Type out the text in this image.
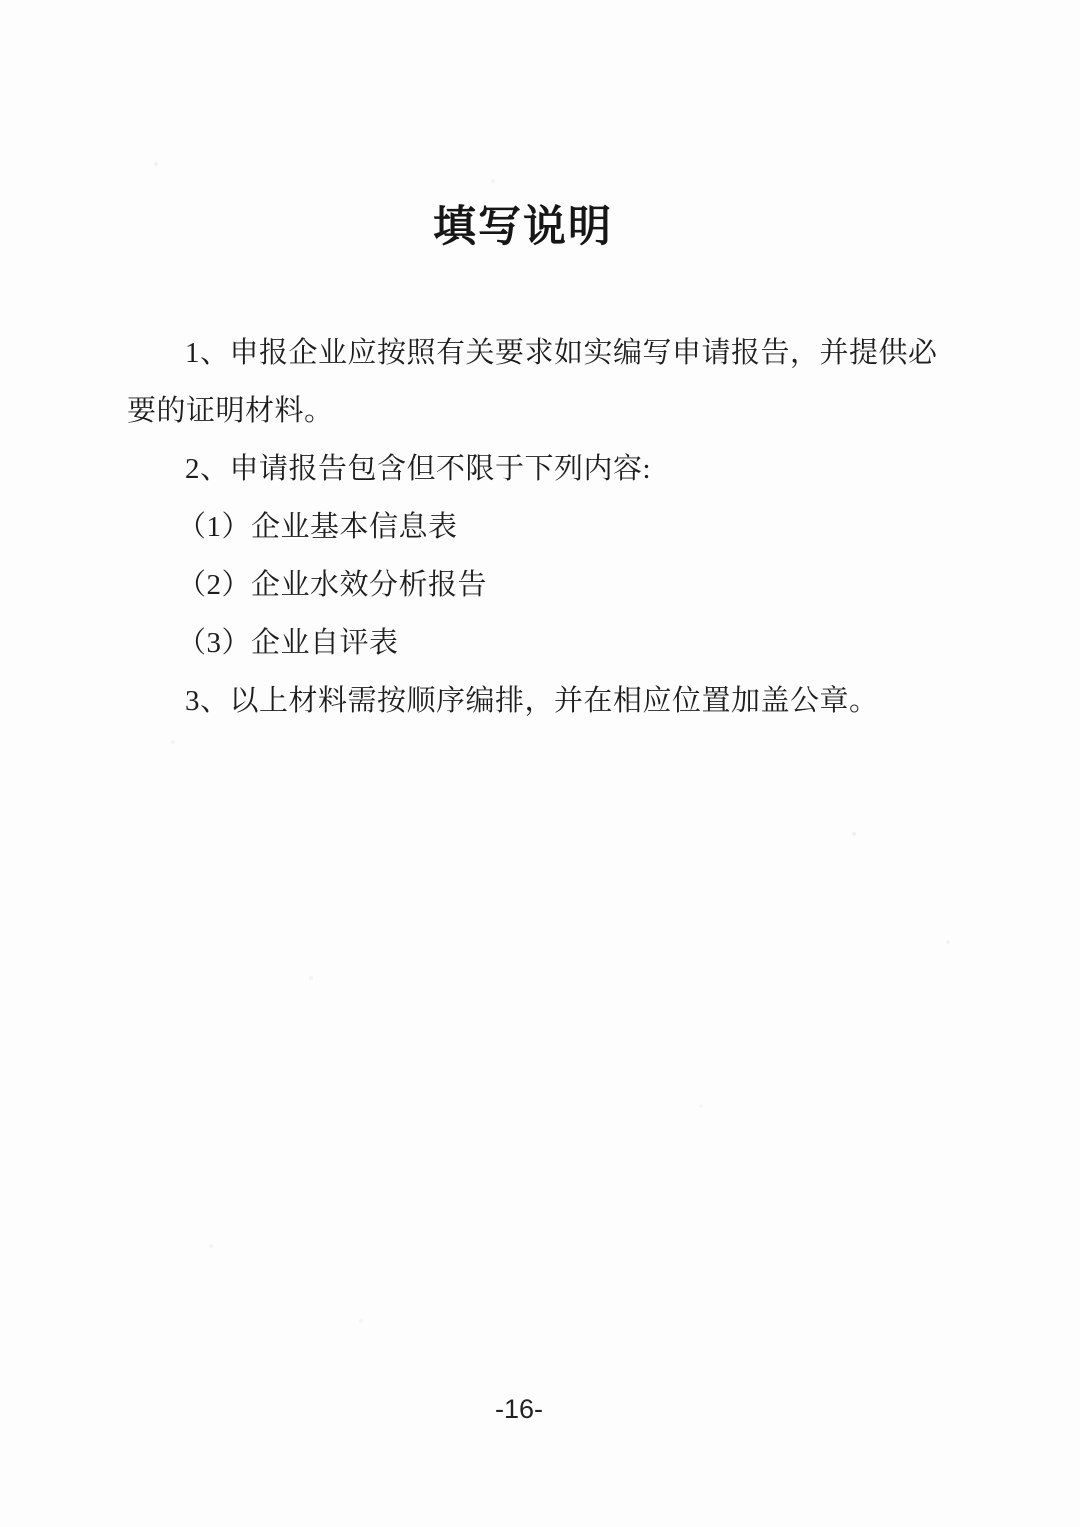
填写说明

1、申报企业应按照有关要求如实编写申请报告，并提供必

要的证明材料。

2、申请报告包含但不限于下列内容:

（1）企业基本信息表

（2）企业水效分析报告

（3）企业自评表

3、以上材料需按顺序编排，并在相应位置加盖公章。

-16-
